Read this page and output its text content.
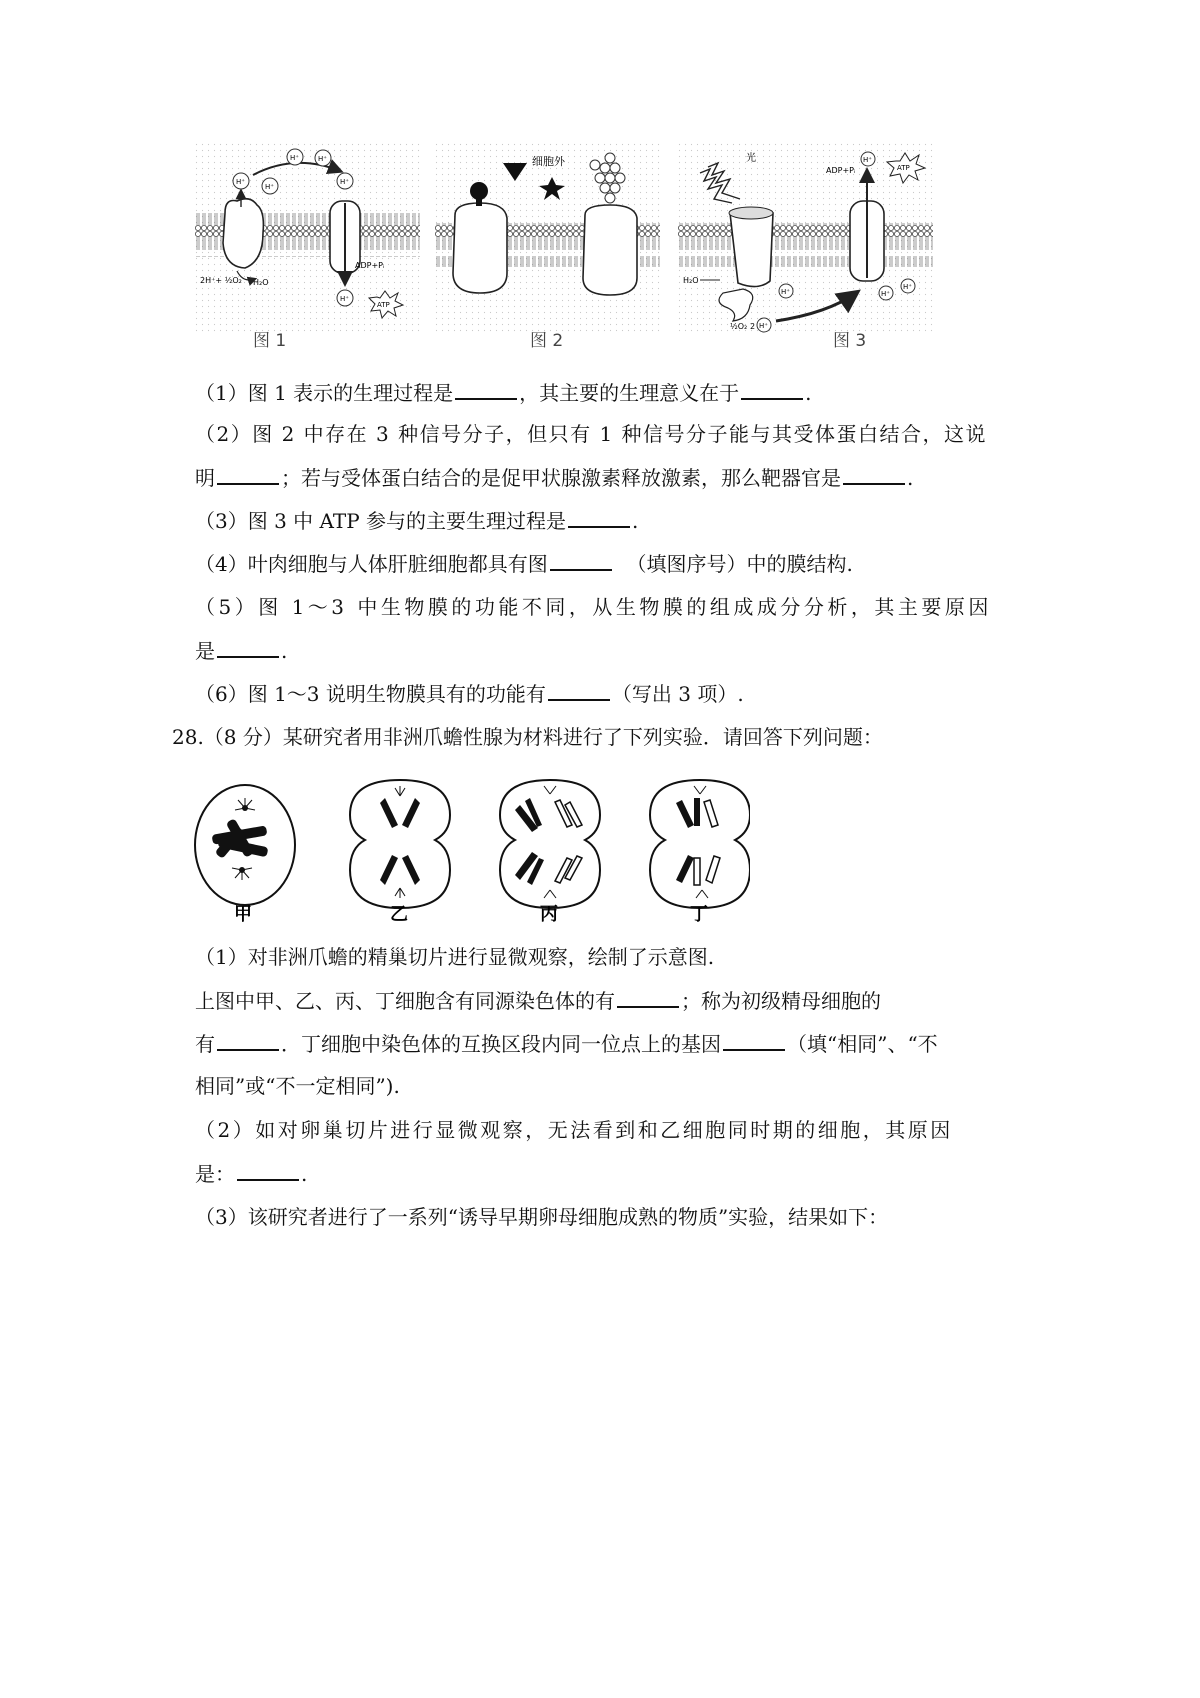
H⁺
H⁺	H⁺
H⁺
H⁺
H⁺
2H⁺+ ½O₂ H₂O
ADP+Pᵢ
ATP
图 1
细胞外
图 2
光
H₂O
½O₂ 2 H⁺
H⁺	H⁺
H⁺
H⁺
ADP+Pᵢ	ATP
图 3
（1）图 1 表示的生理过程是	，其主要的生理意义在于	.
（2）图 2 中存在 3 种信号分子，但只有 1 种信号分子能与其受体蛋白结合，这说
明	；若与受体蛋白结合的是促甲状腺激素释放激素，那么靶器官是	.
（3）图 3 中 ATP 参与的主要生理过程是	.
（4）叶肉细胞与人体肝脏细胞都具有图	（填图序号）中的膜结构.
（5）图 1～3 中生物膜的功能不同，从生物膜的组成成分分析，其主要原因
是	.
（6）图 1～3 说明生物膜具有的功能有	（写出 3 项）.
28.（8 分）某研究者用非洲爪蟾性腺为材料进行了下列实验．请回答下列问题：
甲	乙	丙	丁
（1）对非洲爪蟾的精巢切片进行显微观察，绘制了示意图.
上图中甲、乙、丙、丁细胞含有同源染色体的有	；称为初级精母细胞的
有	．丁细胞中染色体的互换区段内同一位点上的基因	（填“相同”、“不
相同”或“不一定相同”).
（2）如对卵巢切片进行显微观察，无法看到和乙细胞同时期的细胞，其原因
是：	.
（3）该研究者进行了一系列“诱导早期卵母细胞成熟的物质”实验，结果如下：
